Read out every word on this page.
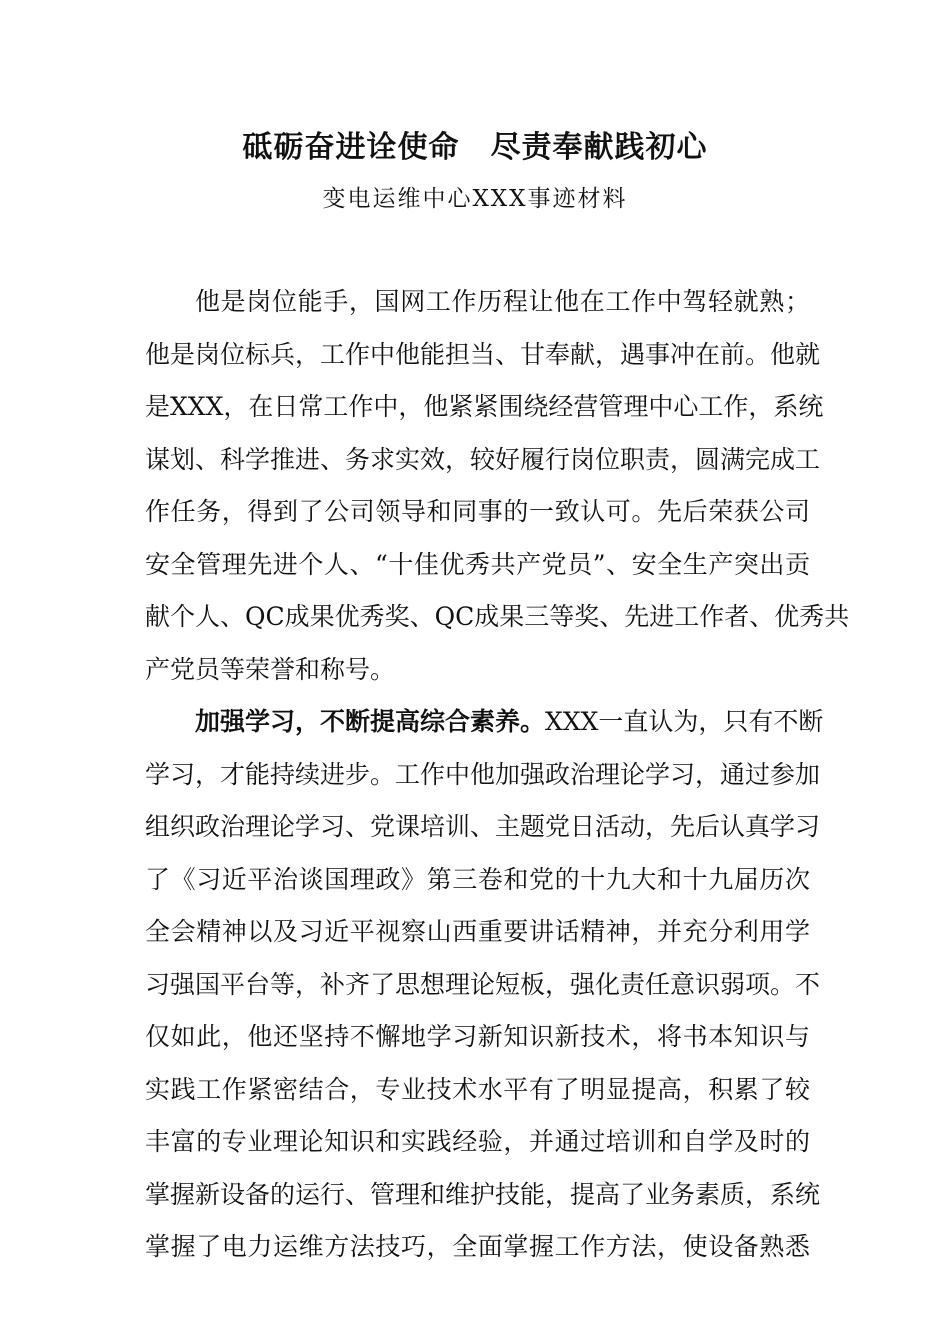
砥砺奋进诠使命　尽责奉献践初心
变电运维中心XXX事迹材料
他是岗位能手，国网工作历程让他在工作中驾轻就熟；
他是岗位标兵，工作中他能担当、甘奉献，遇事冲在前。他就
是XXX，在日常工作中，他紧紧围绕经营管理中心工作，系统
谋划、科学推进、务求实效，较好履行岗位职责，圆满完成工
作任务，得到了公司领导和同事的一致认可。先后荣获公司
安全管理先进个人、“十佳优秀共产党员”、安全生产突出贡
献个人、QC成果优秀奖、QC成果三等奖、先进工作者、优秀共
产党员等荣誉和称号。
加强学习，不断提高综合素养。XXX一直认为，只有不断
学习，才能持续进步。工作中他加强政治理论学习，通过参加
组织政治理论学习、党课培训、主题党日活动，先后认真学习
了《习近平治谈国理政》第三卷和党的十九大和十九届历次
全会精神以及习近平视察山西重要讲话精神，并充分利用学
习强国平台等，补齐了思想理论短板，强化责任意识弱项。不
仅如此，他还坚持不懈地学习新知识新技术，将书本知识与
实践工作紧密结合，专业技术水平有了明显提高，积累了较
丰富的专业理论知识和实践经验，并通过培训和自学及时的
掌握新设备的运行、管理和维护技能，提高了业务素质，系统
掌握了电力运维方法技巧，全面掌握工作方法，使设备熟悉
